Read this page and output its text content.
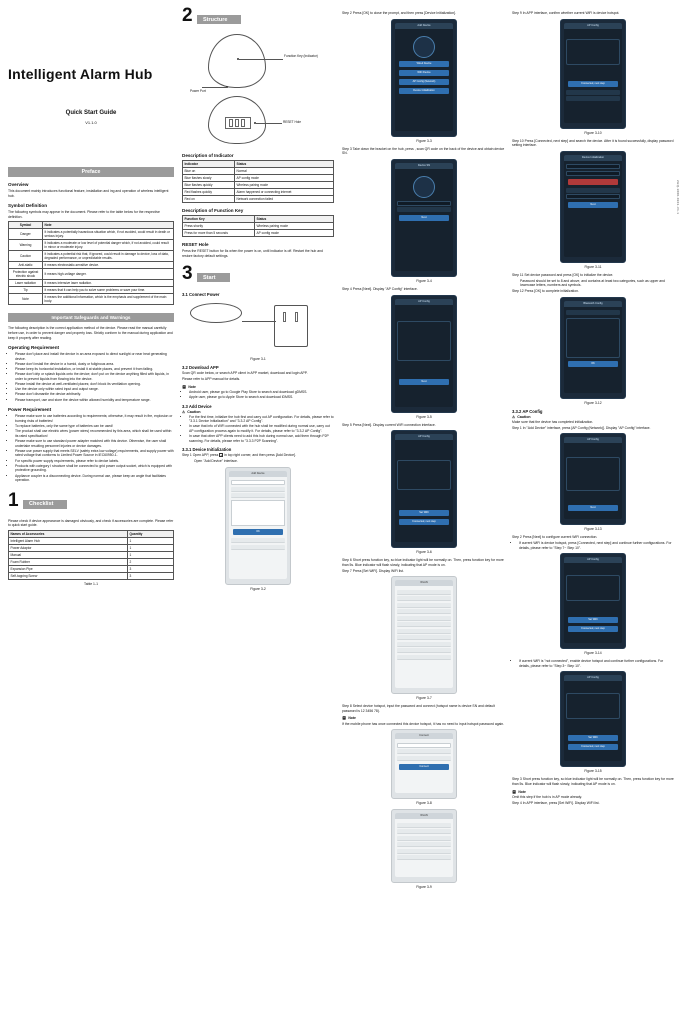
Intelligent Alarm Hub
Quick Start Guide
V1.1.0
Preface
Overview

This document mainly introduces functional feature, installation and ing and operation of wireless intelligent hub.

Symbol Definition

The following symbols may appear in the document. Please refer to the table below for the respective definition.

Symbol	Note
Danger	It indicates a potentially hazardous situation which, if not avoided, could result in death or serious injury.
Warning	It indicates a moderate or low level of potential danger which, if not avoided, could result in minor or moderate injury.
Caution	It indicates a potential risk that, if ignored, could result in damage to device, loss of data, degraded performance, or unpredictable results.
Anti-static	It means electrostatic-sensitive device.
Protection against electric shock	It means high-voltage danger.
Laser radiation	It means intensive laser radiation.
Tip	It means that it can help you to solve some problems or save your time.
Note	It means the additional information, which is the emphasis and supplement of the main body.
Important Safeguards and Warnings

The following description is the correct application method of the device. Please read the manual carefully before use, in order to prevent danger and property loss. Strictly conform to the manual during application and keep it properly after reading.

Operating Requirement
• Please don't place and install the device in an area exposed to direct sunlight or near heat generating device.
• Please don't install the device in a humid, dusty or fuliginous area.
• Please keep its horizontal installation, or install it at stable places, and prevent it from falling.
• Please don't drip or splash liquids onto the device; don't put on the device anything filled with liquids, in order to prevent liquids from flowing into the device.
• Please install the device at well-ventilated places; don't block its ventilation opening.
• Use the device only within rated input and output range.
• Please don't dismantle the device arbitrarily.
• Please transport, use and store the device within allowed humidity and temperature range.
Power Requirement
• Please make sure to use batteries according to requirements; otherwise, it may result in fire, explosion or burning risks of batteries!
• To replace batteries, only the same type of batteries can be used!
• The product shall use electric wires (power wires) recommended by this area, which shall be used within its rated specification!
• Please make sure to use standard power adapter matched with this device. Otherwise, the user shall undertake resulting personnel injuries or device damages.
• Please use power supply that meets SELV (safety extra low voltage) requirements, and supply power with rated voltage that conforms to Limited Power Source in IEC60950-1.
• For specific power supply requirements, please refer to device labels.
• Products with category I structure shall be connected to grid power output socket, which is equipped with protective grounding.
• Appliance coupler is a disconnecting device. During normal use, please keep an angle that facilitates operation.
1	Checklist

Please check if device appearance is damaged obviously, and check if accessories are complete. Please refer to quick start guide.

Names of Accessories	Quantity
Intelligent Alarm Hub	1
Power Adaptor	1
Manual	1
Foam Rubber	2
Expansion Pipe	3
Self-tapping Screw	3
Table 1-1
ZHQ-1000-0101-V1.1
2	Structure
Function Key (Indicator)
Power Port
RESET Hole
Description of Indicator
Indicator	Status
Blue on	Normal
Blue flashes slowly	AP config mode
Blue flashes quickly	Wireless pairing mode
Red flashes quickly	Alarm happened or connecting internet
Red on	Network connection failed
Description of Function Key
Function Key	Status
Press shortly	Wireless pairing mode
Press for more than 5 seconds	AP config mode
RESET Hole

Press the RESET button for 6s when the power is on, until indicator is off. Restart the hub and restore factory default settings.

3	Start
3.1 Connect Power
Figure 3-1
3.2 Download APP

Scan QR code below, or search APP client in APP market, download and login APP.

Please refer to APP manual for details.

🗒 Note
• Android user, please go to Google Play Store to search and download gDMSS.
• Apple user, please go to Apple Store to search and download iDMSS.
3.3 Add Device
⚠ Caution
• For the first time, initialize the hub first and carry out AP configuration. For details, please refer to "3.3.1 Device Initialization" and "3.3.2 AP Config".
• In case that info of WiFi connected with the hub shall be modified during normal use, carry out AP configuration process again to modify it. For details, please refer to "3.3.2 AP Config".
• In case that other APP clients need to add this hub during normal use, add them through P2P scanning. For details, please refer to "3.3.3 P2P Scanning".
3.3.1 Device Initialization

Step 1 Open APP, press + in top right corner, and then press [Add Device].

Open "Add Device" interface.

Add Device
OK
Figure 3-2

Step 2 Press [OK] to close the prompt, and then press [Device Initialization].

Add Device
Wired Device
WiFi Device
AP Config (Network)
Device Initialization
Figure 3-3

Step 3 Take down the bracket on the hub, press , scan QR code on the back of the device and obtain device SN.

Device SN
Next
Figure 3-4

Step 4 Press [Next]. Display "AP Config" interface.

AP Config
Next
Figure 3-5

Step 5 Press [Next]. Display current WiFi connection interface.

AP Config
Set WiFi
Connected, next step
Figure 3-6

Step 6 Short press function key, so blue indicator light will be normally on. Then, press function key for more than 5s. Blue indicator will flash slowly, indicating that AP mode is on.

Step 7 Press [Set WiFi]. Display WiFi list.

WLAN
Figure 3-7

Step 8 Select device hotspot, input the password and connect (hotspot name is device SN and default password is 12 3456 78).

🗒 Note

If the mobile phone has once connected this device hotspot, it has no need to input hotspot password again.

Connect
Connect
Figure 3-8
WLAN
Figure 3-9

Step 9 In APP interface, confirm whether current WiFi is device hotspot.

AP Config
Connected, next step
Figure 3-10

Step 10 Press [Connected, next step] and search the device. After it is found successfully, display password setting interface.

Device Initialization
Next
Figure 3-11

Step 11 Set device password and press [OK] to initialize the device.

Password should be set to 8 and above, and contains at least two categories, such as upper and lowercase letters, numbers and symbols.

Step 12 Press [OK] to complete initialization.

Bluetooth Config
OK
Figure 3-12
3.3.2 AP Config
⚠ Caution

Make sure that the device has completed initialization.

Step 1 In "Add Device" interface, press [AP Config (Network)]. Display "AP Config" interface.

AP Config
Next
Figure 3-13

Step 2 Press [Next] to configure current WiFi connection.

• If current WiFi is device hotspot, press [Connected, next step] and continue further configurations. For details, please refer to "Step 7~ Step 10".
AP Config
Set WiFi
Connected, next step
Figure 3-14
• If current WiFi is "not connected", enable device hotspot and continue further configurations. For details, please refer to "Step 3~ Step 10".
AP Config
Set WiFi
Connected, next step
Figure 3-15

Step 3 Short press function key, so blue indicator light will be normally on. Then, press function key for more than 5s. Blue indicator will flash slowly, indicating that AP mode is on.

🗒 Note

Omit this step if the hub is in AP mode already.

Step 4 In APP interface, press [Set WiFi]. Display WiFi list.
